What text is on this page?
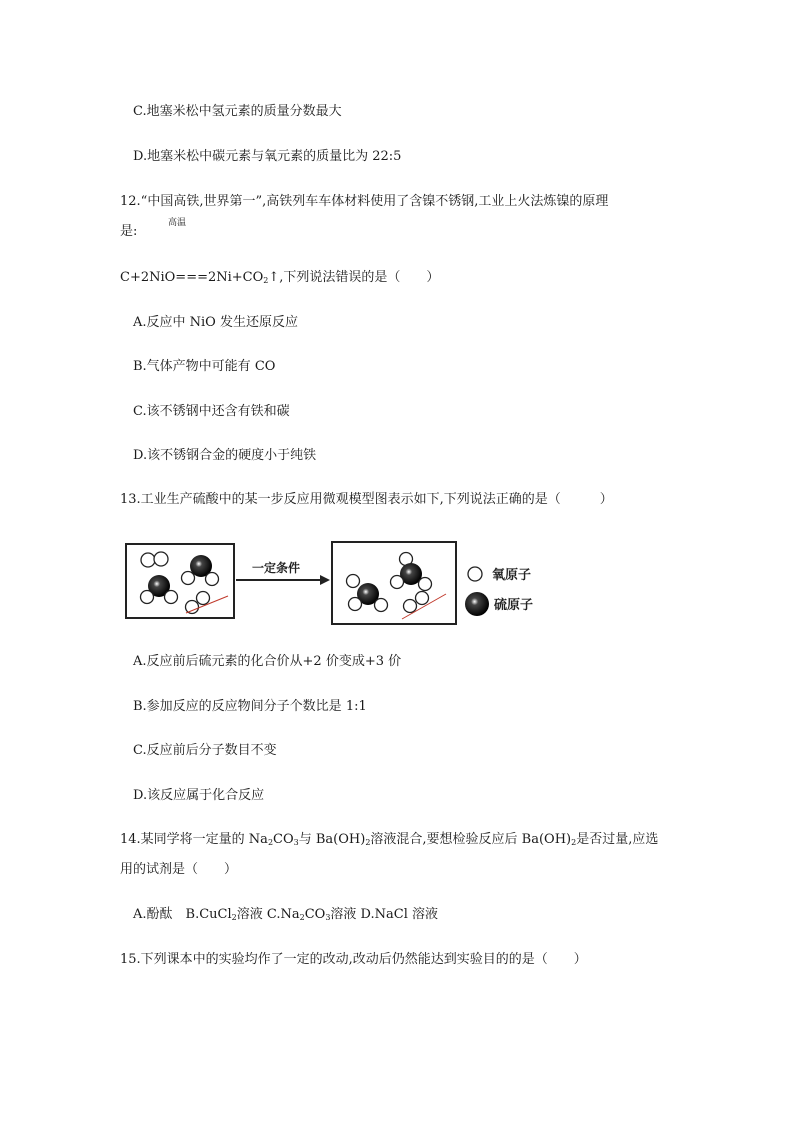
C.地塞米松中氢元素的质量分数最大
D.地塞米松中碳元素与氧元素的质量比为 22:5
12.“中国高铁,世界第一”,高铁列车车体材料使用了含镍不锈钢,工业上火法炼镍的原理
高温
是:
$C+2NiO===2Ni+CO_2↑$,下列说法错误的是（　　）
A.反应中 NiO 发生还原反应
B.气体产物中可能有 CO
C.该不锈钢中还含有铁和碳
D.该不锈钢合金的硬度小于纯铁
13.工业生产硫酸中的某一步反应用微观模型图表示如下,下列说法正确的是（　　　）
一定条件	氧原子
硫原子
A.反应前后硫元素的化合价从+2 价变成+3 价
B.参加反应的反应物间分子个数比是 1:1
C.反应前后分子数目不变
D.该反应属于化合反应
14.某同学将一定量的 $Na_2CO_3$与 $Ba(OH)_2$溶液混合,要想检验反应后 $Ba(OH)_2$是否过量,应选
用的试剂是（　　）
A.酚酞　B.CuCl$_2$溶液 $C.Na_2CO_3$溶液 D.NaCl 溶液
15.下列课本中的实验均作了一定的改动,改动后仍然能达到实验目的的是（　　）
